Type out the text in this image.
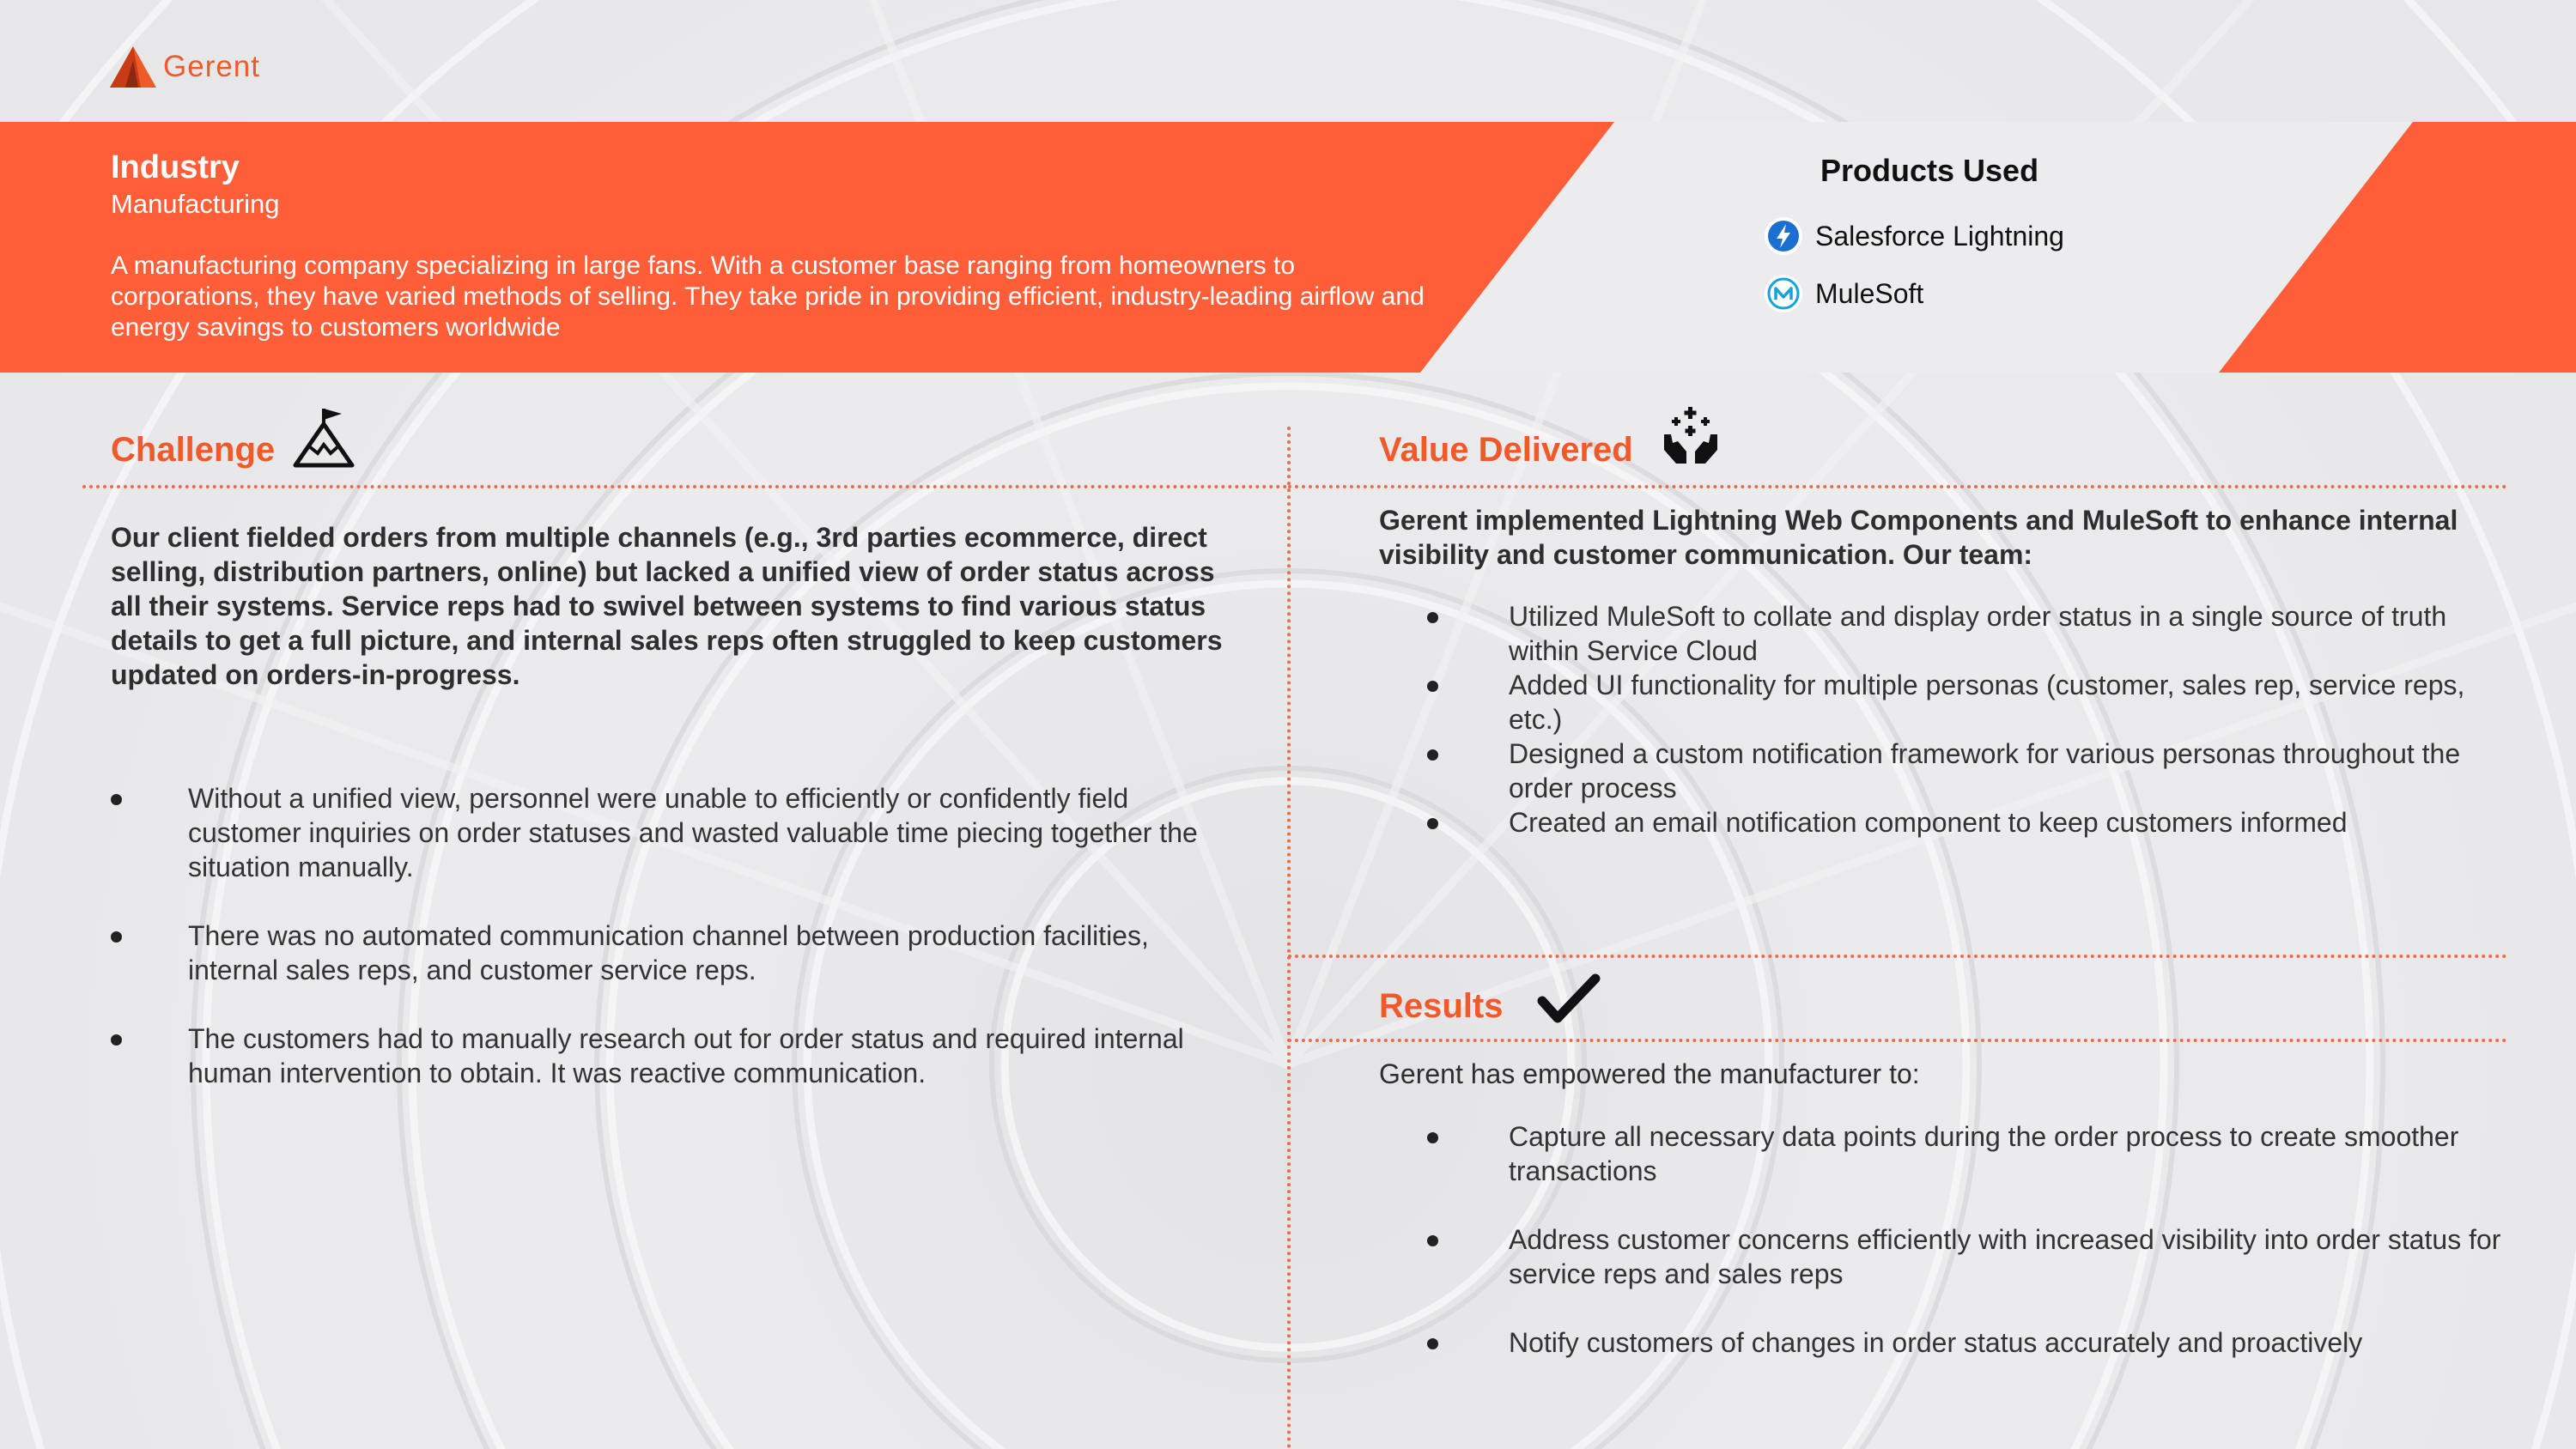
Gerent
Industry
Manufacturing
A manufacturing company specializing in large fans. With a customer base ranging from homeowners to corporations, they have varied methods of selling. They take pride in providing efficient, industry-leading airflow and energy savings to customers worldwide
Products Used
Salesforce Lightning
MuleSoft
Challenge
Our client fielded orders from multiple channels (e.g., 3rd parties ecommerce, direct selling, distribution partners, online) but lacked a unified view of order status across all their systems. Service reps had to swivel between systems to find various status details to get a full picture, and internal sales reps often struggled to keep customers updated on orders-in-progress.
Without a unified view, personnel were unable to efficiently or confidently field customer inquiries on order statuses and wasted valuable time piecing together the situation manually.
There was no automated communication channel between production facilities, internal sales reps, and customer service reps.
The customers had to manually research out for order status and required internal human intervention to obtain. It was reactive communication.
Value Delivered
Gerent implemented Lightning Web Components and MuleSoft to enhance internal visibility and customer communication. Our team:
Utilized MuleSoft to collate and display order status in a single source of truth within Service Cloud
Added UI functionality for multiple personas (customer, sales rep, service reps, etc.)
Designed a custom notification framework for various personas throughout the order process
Created an email notification component to keep customers informed
Results
Gerent has empowered the manufacturer to:
Capture all necessary data points during the order process to create smoother transactions
Address customer concerns efficiently with increased visibility into order status for service reps and sales reps
Notify customers of changes in order status accurately and proactively
